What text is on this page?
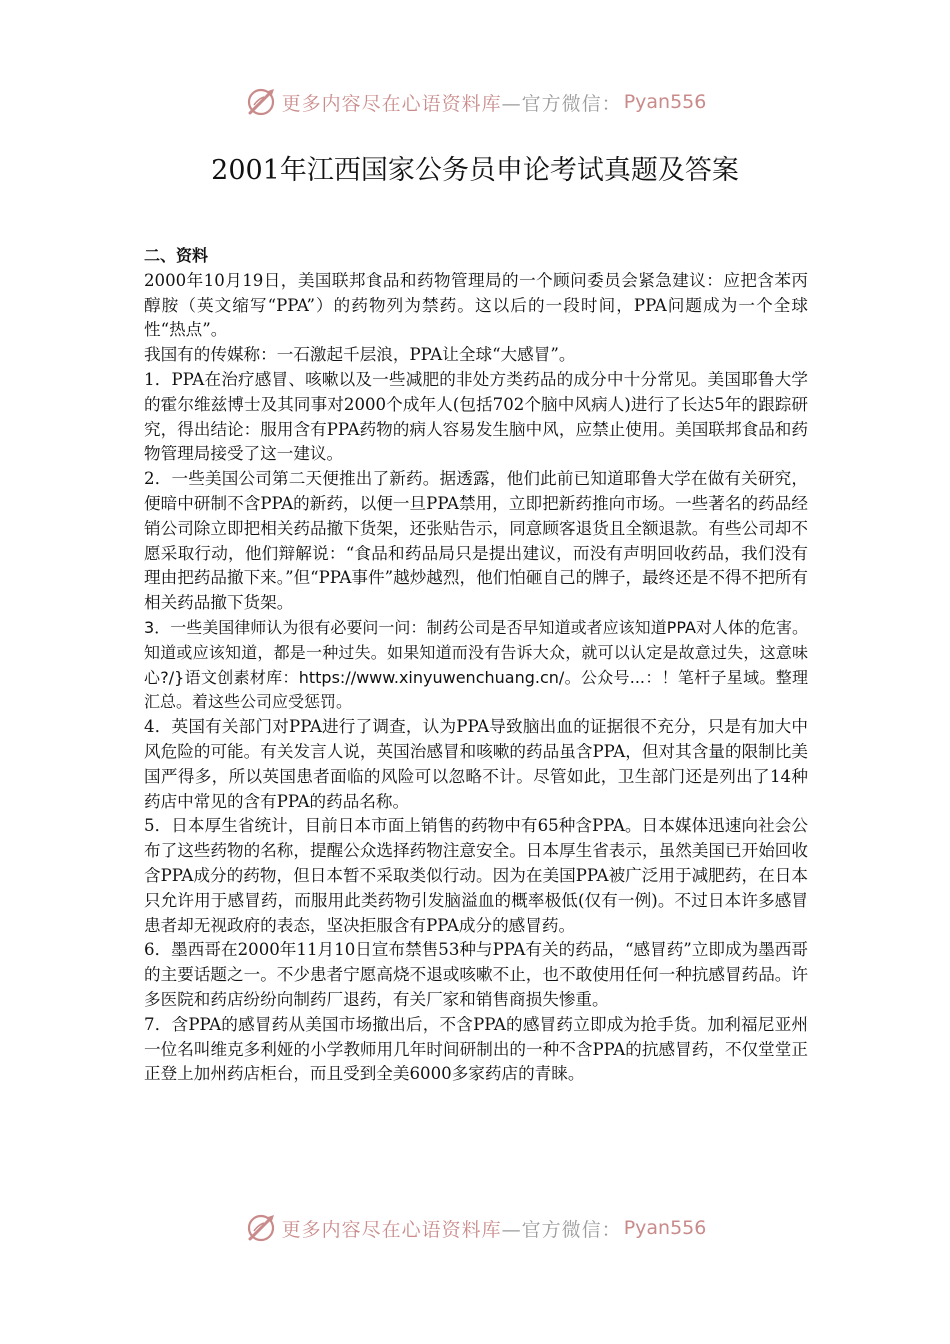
更多内容尽在心语资料库 —官方微信： Pyan556
2001年江西国家公务员申论考试真题及答案

二、资料

2000年10月19日，美国联邦食品和药物管理局的一个顾问委员会紧急建议：应把含苯丙醇胺（英文缩写“PPA”）的药物列为禁药。这以后的一段时间，PPA问题成为一个全球性“热点”。

我国有的传媒称：一石激起千层浪，PPA让全球“大感冒”。

1．PPA在治疗感冒、咳嗽以及一些减肥的非处方类药品的成分中十分常见。美国耶鲁大学的霍尔维兹博士及其同事对2000个成年人(包括702个脑中风病人)进行了长达5年的跟踪研究，得出结论：服用含有PPA药物的病人容易发生脑中风，应禁止使用。美国联邦食品和药物管理局接受了这一建议。

2．一些美国公司第二天便推出了新药。据透露，他们此前已知道耶鲁大学在做有关研究，便暗中研制不含PPA的新药，以便一旦PPA禁用，立即把新药推向市场。一些著名的药品经销公司除立即把相关药品撤下货架，还张贴告示，同意顾客退货且全额退款。有些公司却不愿采取行动，他们辩解说：“食品和药品局只是提出建议，而没有声明回收药品，我们没有理由把药品撤下来。”但“PPA事件”越炒越烈，他们怕砸自己的牌子，最终还是不得不把所有相关药品撤下货架。

3．一些美国律师认为很有必要问一问：制药公司是否早知道或者应该知道PPA对人体的危害。知道或应该知道，都是一种过失。如果知道而没有告诉大众，就可以认定是故意过失，这意味心?/}语文创素材库：https://www.xinyuwenchuang.cn/。公众号...：！笔杆子星域。整理汇总。着这些公司应受惩罚。

4．英国有关部门对PPA进行了调查，认为PPA导致脑出血的证据很不充分，只是有加大中风危险的可能。有关发言人说，英国治感冒和咳嗽的药品虽含PPA，但对其含量的限制比美国严得多，所以英国患者面临的风险可以忽略不计。尽管如此，卫生部门还是列出了14种药店中常见的含有PPA的药品名称。

5．日本厚生省统计，目前日本市面上销售的药物中有65种含PPA。日本媒体迅速向社会公布了这些药物的名称，提醒公众选择药物注意安全。日本厚生省表示，虽然美国已开始回收含PPA成分的药物，但日本暂不采取类似行动。因为在美国PPA被广泛用于减肥药，在日本只允许用于感冒药，而服用此类药物引发脑溢血的概率极低(仅有一例)。不过日本许多感冒患者却无视政府的表态，坚决拒服含有PPA成分的感冒药。

6．墨西哥在2000年11月10日宣布禁售53种与PPA有关的药品，“感冒药”立即成为墨西哥的主要话题之一。不少患者宁愿高烧不退或咳嗽不止，也不敢使用任何一种抗感冒药品。许多医院和药店纷纷向制药厂退药，有关厂家和销售商损失惨重。

7．含PPA的感冒药从美国市场撤出后，不含PPA的感冒药立即成为抢手货。加利福尼亚州一位名叫维克多利娅的小学教师用几年时间研制出的一种不含PPA的抗感冒药，不仅堂堂正正登上加州药店柜台，而且受到全美6000多家药店的青睐。

更多内容尽在心语资料库 —官方微信： Pyan556
